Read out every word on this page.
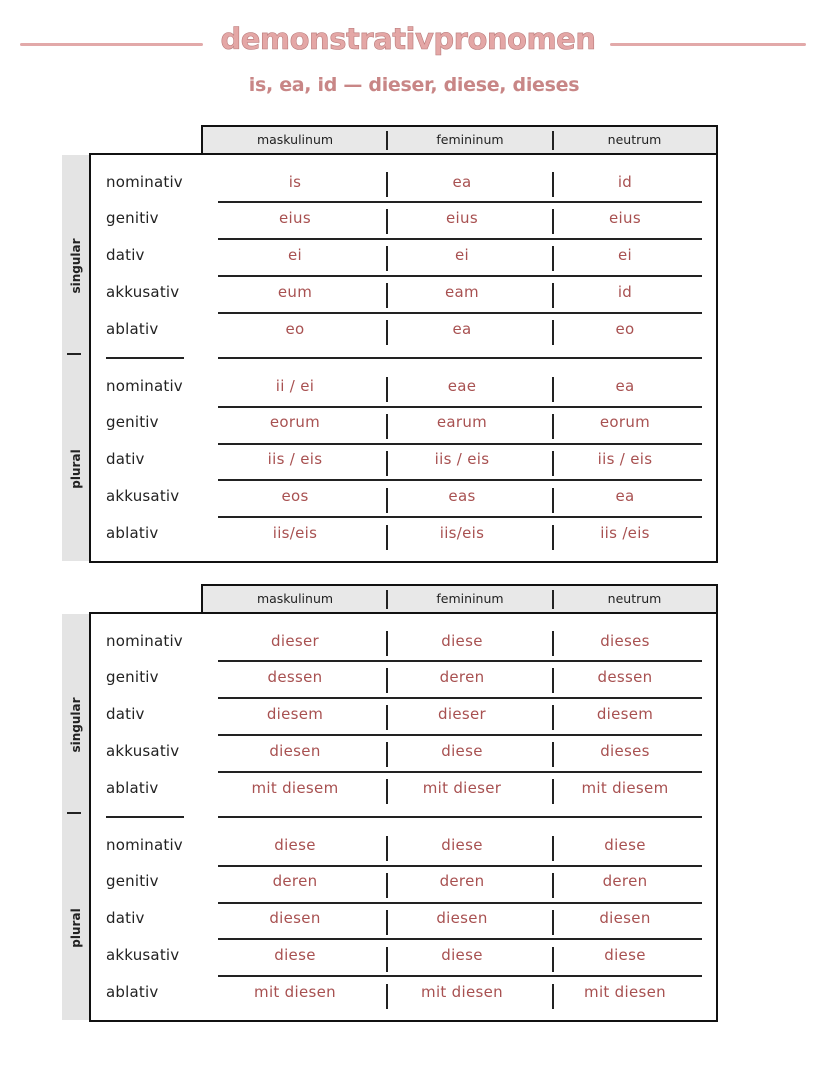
demonstrativpronomen
is, ea, id — dieser, diese, dieses
maskulinum	femininum	neutrum
singular
plural
nominativ	is	ea	id
genitiv	eius	eius	eius
dativ	ei	ei	ei
akkusativ	eum	eam	id
ablativ	eo	ea	eo
nominativ	ii / ei	eae	ea
genitiv	eorum	earum	eorum
dativ	iis / eis	iis / eis	iis / eis
akkusativ	eos	eas	ea
ablativ	iis/eis	iis/eis	iis /eis
maskulinum	femininum	neutrum
singular
plural
nominativ	dieser	diese	dieses
genitiv	dessen	deren	dessen
dativ	diesem	dieser	diesem
akkusativ	diesen	diese	dieses
ablativ	mit diesem	mit dieser	mit diesem
nominativ	diese	diese	diese
genitiv	deren	deren	deren
dativ	diesen	diesen	diesen
akkusativ	diese	diese	diese
ablativ	mit diesen	mit diesen	mit diesen
